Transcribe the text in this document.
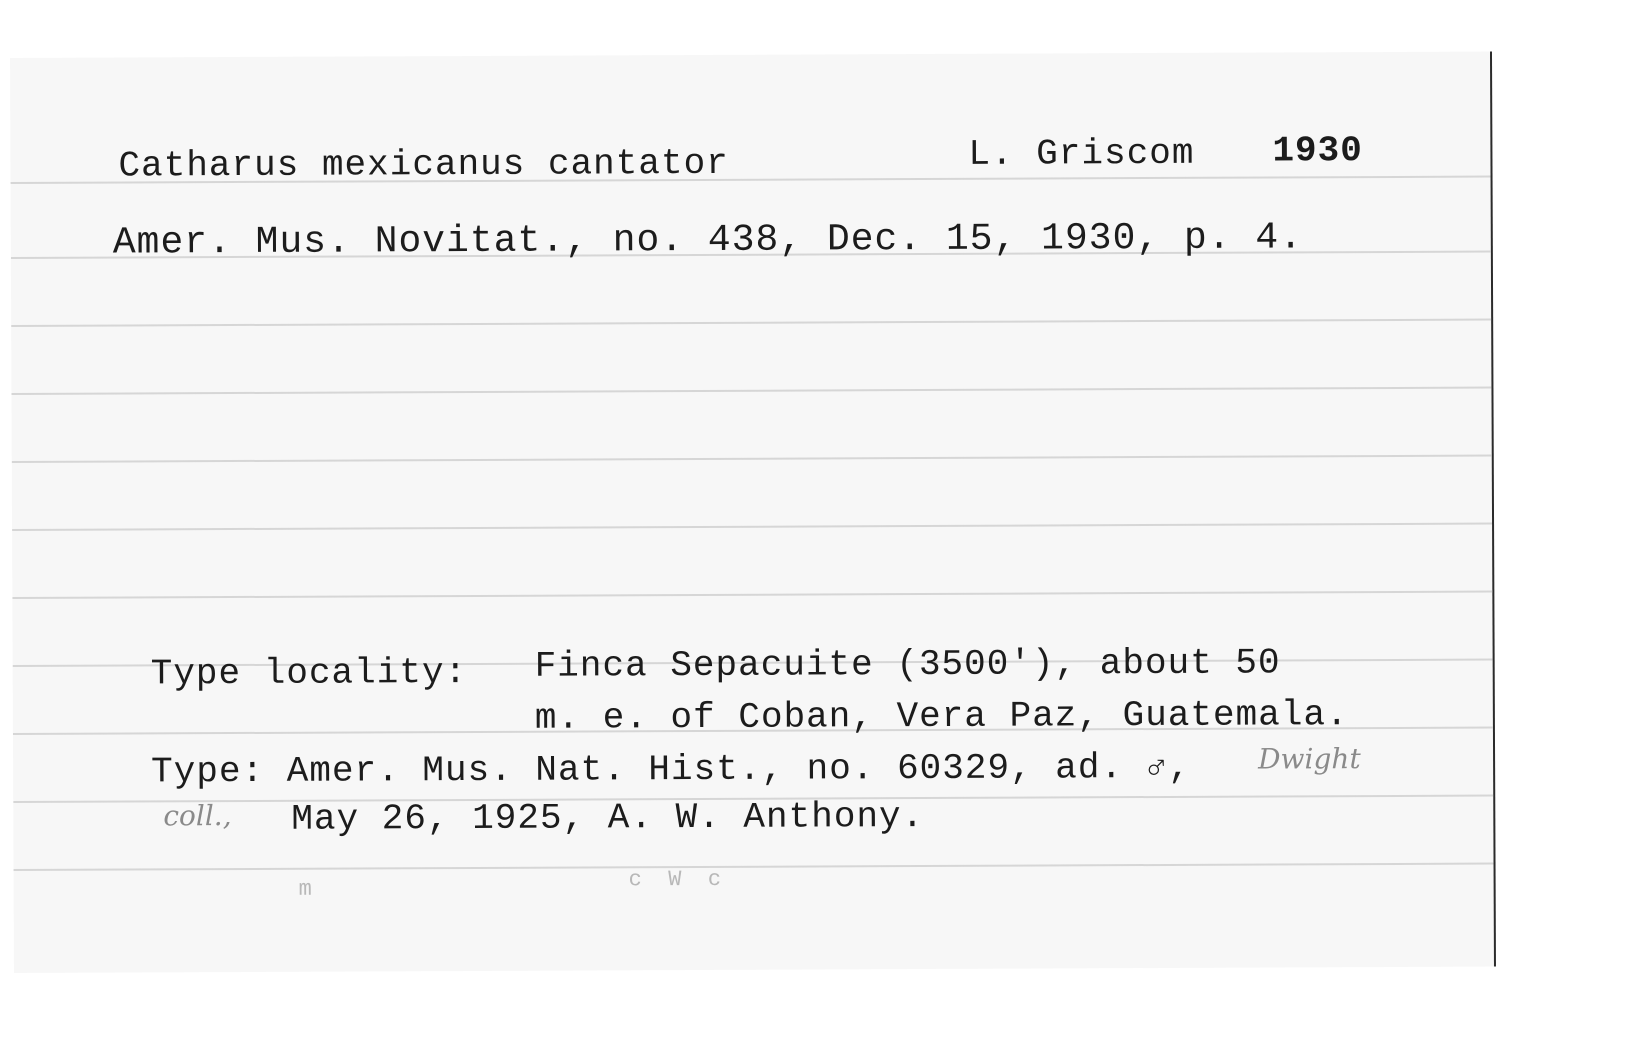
Catharus mexicanus cantator	L. Griscom 1930
Amer. Mus. Novitat., no. 438, Dec. 15, 1930, p. 4.
Type locality: Finca Sepacuite (3500'), about 50
m. e. of Coban, Vera Paz, Guatemala.
Type: Amer. Mus. Nat. Hist., no. 60329, ad. ♂, Dwight
coll., May 26, 1925, A. W. Anthony.
m	c  W  c
